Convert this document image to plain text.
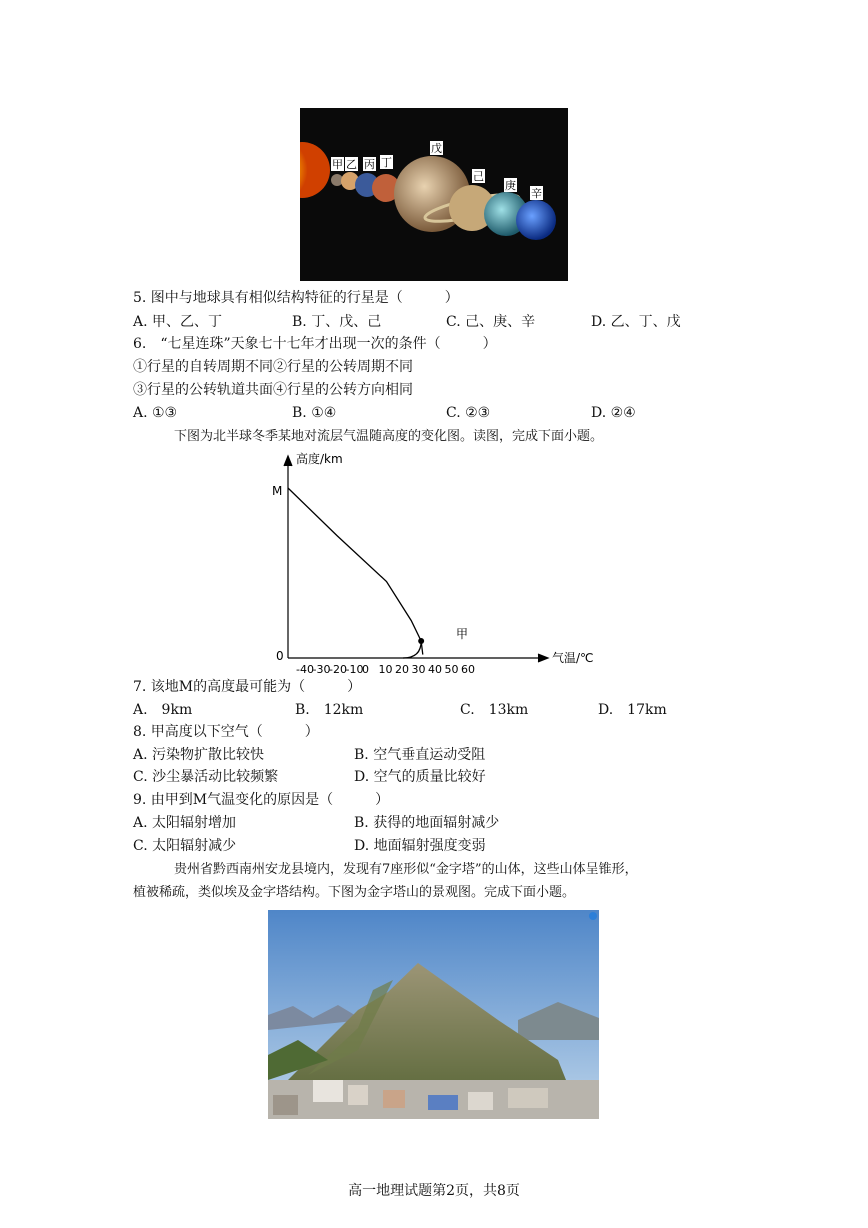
甲 乙 丙 丁
戊
己
庚
辛
5. 图中与地球具有相似结构特征的行星是（　　　）
A. 甲、乙、丁	B. 丁、戊、己	C. 己、庚、辛	D. 乙、丁、戊
6.　“七星连珠”天象七十七年才出现一次的条件（　　　）
①行星的自转周期不同②行星的公转周期不同
③行星的公转轨道共面④行星的公转方向相同
A. ①③	B. ①④	C. ②③	D. ②④
下图为北半球冬季某地对流层气温随高度的变化图。读图，完成下面小题。
高度/km
气温/℃
0
M
甲
-40
-30
-20
-10
0 10 20 30 40 50 60
7. 该地M的高度最可能为（　　　）
A.　9km	B.　12km	C.　13km	D.　17km
8. 甲高度以下空气（　　　）
A. 污染物扩散比较快	B. 空气垂直运动受阻
C. 沙尘暴活动比较频繁	D. 空气的质量比较好
9. 由甲到M气温变化的原因是（　　　）
A. 太阳辐射增加	B. 获得的地面辐射减少
C. 太阳辐射减少	D. 地面辐射强度变弱
贵州省黔西南州安龙县境内，发现有7座形似“金字塔”的山体，这些山体呈锥形，
植被稀疏，类似埃及金字塔结构。下图为金字塔山的景观图。完成下面小题。
高一地理试题第2页，共8页
